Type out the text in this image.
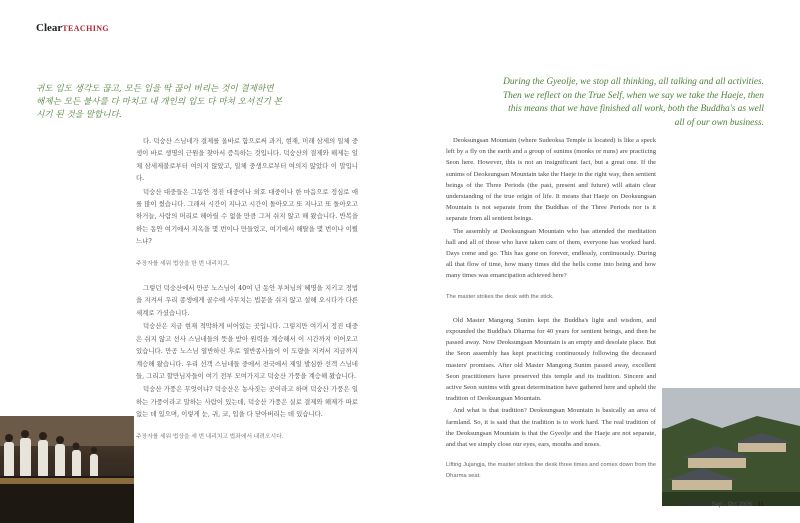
ClearTEACHING
귀도 입도 생각도 끊고, 모든 입을 딱 끊어 버리는 것이 결제하면 해제는 모든 불사를 다 마치고 내 개인의 입도 다 마쳐 오셔진기 본시기 된 것을 말합니다.
During the Gyeolje, we stop all thinking, all talking and all activities. Then we reflect on the True Self, when we say we take the Haeje, then this means that we have finished all work, both the Buddha's as well all of our own business.

다. 덕숭산 스님네가 결제를 올바로 함으로써 과거, 현재, 미래 삼세의 일체 중생이 바로 생명의 근원을 찾아서 증득하는 것입니다. 덕숭산의 결제와 해제는 일체 삼세제불로부터 여의지 않았고, 일체 중생으로부터 여의지 않았다 이 말입니다.

덕숭산 대중들은 그동안 정진 대중이나 외호 대중이나 한 마음으로 정심로 애를 많이 썼습니다. 그래서 시간이 지나고 시간이 돌아오고 또 지나고 또 돌아오고 하거늘, 사람의 머리로 헤아릴 수 없을 만큼 그저 쉬지 않고 해 왔습니다. 반복을 하는 동안 여기에서 지옥을 몇 번이나 만들었고, 여기에서 해탈을 몇 번이나 이뤘느냐?

주장자를 세워 법상을 한 번 내리치고,

그렇던 덕숭산에서 만공 노스님이 40여 년 동안 부처님의 혜명을 지키고 정법을 지켜서 우리 종생에게 골수에 사무치는 법문을 쉬지 않고 설해 오시다가 다른 세계로 가셨습니다.

덕숭산은 지금 현재 적막하게 비어있는 곳입니다. 그렇지만 여기서 정진 대중은 쉬지 않고 선사 스님네들의 뜻을 받아 원력을 계승해서 이 시간까지 이어오고 있습니다. 만공 노스님 열반하신 후로 열반종사들이 이 도량을 지켜서 지금까지 계승해 왔습니다. 우리 선객 스님네들 중에서 전국에서 제일 발심한 선객 스님네들, 그리고 할만님자들이 여기 전부 모여가지고 덕숭산 가풍을 계승해 왔습니다.

덕숭산 가풍은 무엇이냐? 덕숭산은 농사짓는 곳이라고 하며 덕숭산 가풍은 일하는 가풍이라고 말하는 사람이 있는데, 덕숭산 가풍은 실로 결제와 해제가 따로 없는 데 있으며, 이렇게 눈, 귀, 코, 입을 다 닫아버리는 데 있습니다.

주장자를 세워 법상을 세 번 내리치고 법좌에서 내려오시다.

Deoksungsan Mountain (where Sudeoksa Temple is located) is like a speck left by a fly on the earth and a group of sunims (monks or nuns) are practicing Seon here. However, this is not an insignificant fact, but a great one. If the sunims of Deoksungsan Mountain take the Haeje in the right way, then sentient beings of the Three Periods (the past, present and future) will attain clear understanding of the true origin of life. It means that Haeje on Deoksungsan Mountain is not separate from the Buddhas of the Three Periods nor is it separate from all sentient beings.

The assembly at Deoksungsan Mountain who has attended the meditation hall and all of those who have taken care of them, everyone has worked hard. Days come and go. This has gone on forever, endlessly, continuously. During all that flow of time, how many times did the hells come into being and how many times was emancipation achieved here?

The master strikes the desk with the stick.

Old Master Mangong Sunim kept the Buddha's light and wisdom, and expounded the Buddha's Dharma for 40 years for sentient beings, and then he passed away. Now Deoksungsan Mountain is an empty and desolate place. But the Seon assembly has kept practicing continuously following the deceased masters' promises. After old Master Mangong Sunim passed away, excellent Seon practitioners have preserved this temple and its tradition. Sincere and active Seon sunims with great determination have gathered here and upheld the tradition of Deoksungsan Mountain.

And what is that tradition? Deoksungsan Mountain is basically an area of farmland. So, it is said that the tradition is to work hard. The real tradition of the Deoksungsan Mountain is that the Gyeolje and the Haeje are not separate, and that we simply close our eyes, ears, mouths and noses.

Lifting Jujangja, the master strikes the desk three times and comes down from the Dharma seat.

ClearMind Sep - Oct 2006 11
